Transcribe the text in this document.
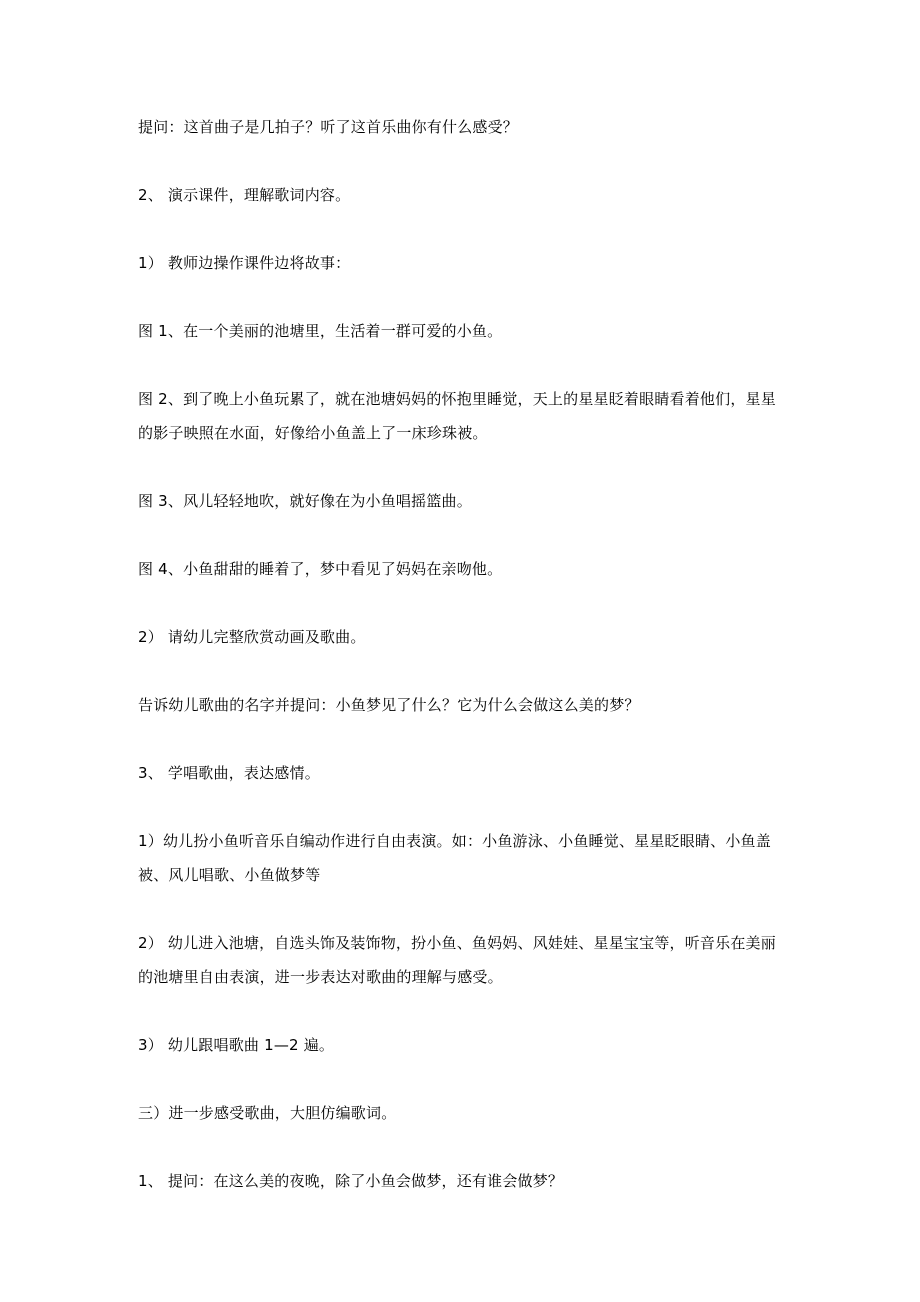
提问：这首曲子是几拍子？听了这首乐曲你有什么感受？

2、 演示课件，理解歌词内容。

1） 教师边操作课件边将故事：

图 1、在一个美丽的池塘里，生活着一群可爱的小鱼。

图 2、到了晚上小鱼玩累了，就在池塘妈妈的怀抱里睡觉，天上的星星眨着眼睛看着他们，星星的影子映照在水面，好像给小鱼盖上了一床珍珠被。

图 3、风儿轻轻地吹，就好像在为小鱼唱摇篮曲。

图 4、小鱼甜甜的睡着了，梦中看见了妈妈在亲吻他。

2） 请幼儿完整欣赏动画及歌曲。

告诉幼儿歌曲的名字并提问：小鱼梦见了什么？它为什么会做这么美的梦？

3、 学唱歌曲，表达感情。

1）幼儿扮小鱼听音乐自编动作进行自由表演。如：小鱼游泳、小鱼睡觉、星星眨眼睛、小鱼盖被、风儿唱歌、小鱼做梦等

2） 幼儿进入池塘，自选头饰及装饰物，扮小鱼、鱼妈妈、风娃娃、星星宝宝等，听音乐在美丽的池塘里自由表演，进一步表达对歌曲的理解与感受。

3） 幼儿跟唱歌曲 1—2 遍。

三）进一步感受歌曲，大胆仿编歌词。

1、 提问：在这么美的夜晚，除了小鱼会做梦，还有谁会做梦？
